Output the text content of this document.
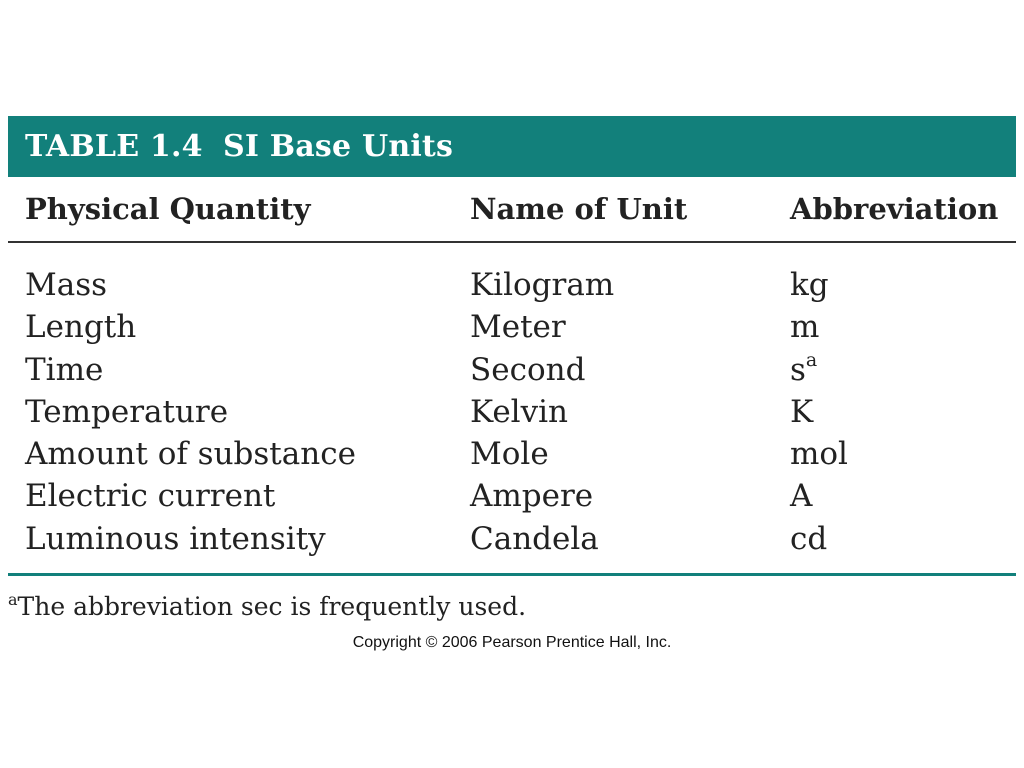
TABLE 1.4 SI Base Units
Physical Quantity	Name of Unit	Abbreviation
Mass	Kilogram	kg
Length	Meter	m
Time	Second	$s^a$
Temperature	Kelvin	K
Amount of substance	Mole	mol
Electric current	Ampere	A
Luminous intensity	Candela	cd
$^a$The abbreviation sec is frequently used.
Copyright © 2006 Pearson Prentice Hall, Inc.
